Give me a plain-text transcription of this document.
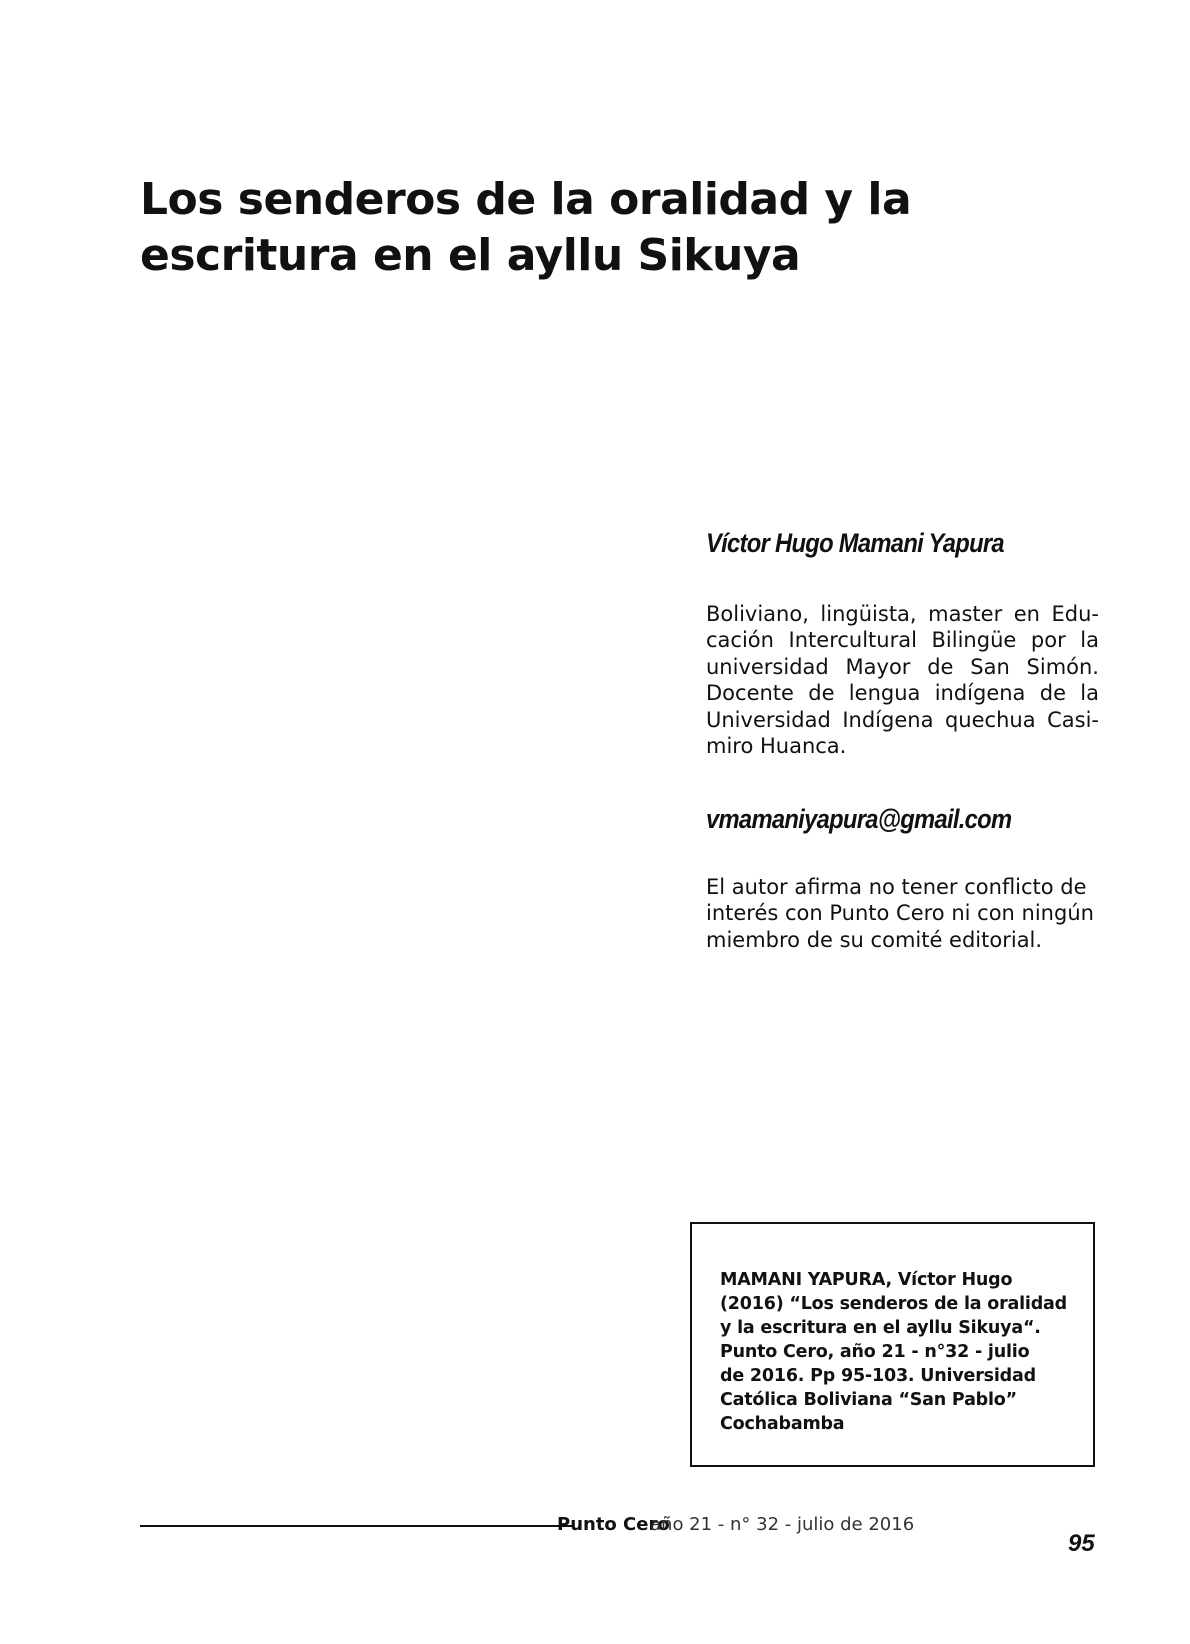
Los senderos de la oralidad y la
escritura en el ayllu Sikuya
Víctor Hugo Mamani Yapura
Boliviano, lingüista, master en Edu-
cación Intercultural Bilingüe por la
universidad Mayor de San Simón.
Docente de lengua indígena de la
Universidad Indígena quechua Casi-
miro Huanca.
vmamaniyapura@gmail.com
El autor afirma no tener conflicto de
interés con Punto Cero ni con ningún
miembro de su comité editorial.
MAMANI YAPURA, Víctor Hugo
(2016) “Los senderos de la oralidad
y la escritura en el ayllu Sikuya“.
Punto Cero, año 21 - n°32 - julio
de 2016. Pp 95-103. Universidad
Católica Boliviana “San Pablo”
Cochabamba
Punto Cero
año 21 - n° 32 - julio de 2016
95
